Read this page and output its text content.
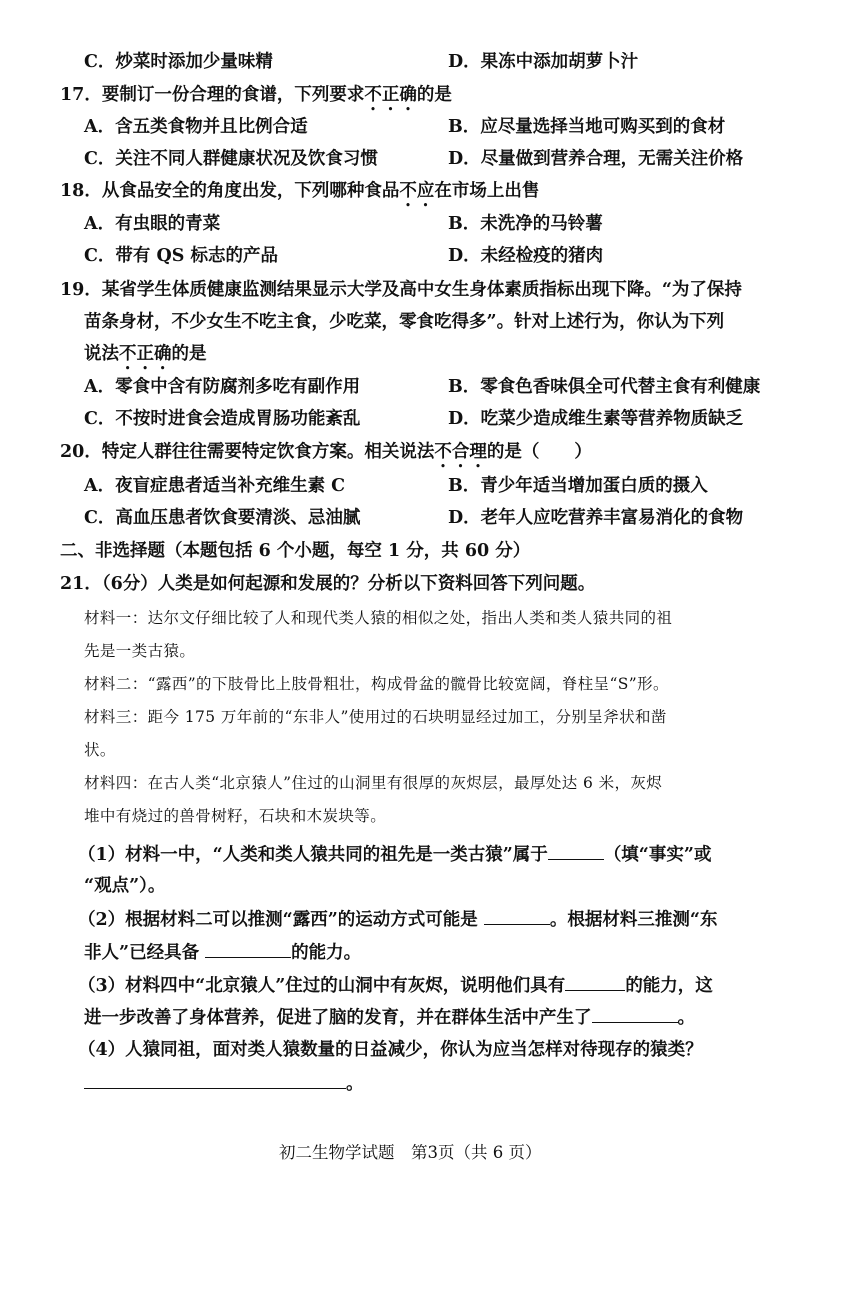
C．炒菜时添加少量味精	D．果冻中添加胡萝卜汁
17．要制订一份合理的食谱，下列要求不正确的是
A．含五类食物并且比例合适	B．应尽量选择当地可购买到的食材
C．关注不同人群健康状况及饮食习惯	D．尽量做到营养合理，无需关注价格
18．从食品安全的角度出发，下列哪种食品不应在市场上出售
A．有虫眼的青菜	B．未洗净的马铃薯
C．带有 QS 标志的产品	D．未经检疫的猪肉
19．某省学生体质健康监测结果显示大学及高中女生身体素质指标出现下降。“为了保持
苗条身材，不少女生不吃主食，少吃菜，零食吃得多”。针对上述行为，你认为下列
说法不正确的是
A．零食中含有防腐剂多吃有副作用	B．零食色香味俱全可代替主食有利健康
C．不按时进食会造成胃肠功能紊乱	D．吃菜少造成维生素等营养物质缺乏
20．特定人群往往需要特定饮食方案。相关说法不合理的是（　　）
A．夜盲症患者适当补充维生素 C	B．青少年适当增加蛋白质的摄入
C．高血压患者饮食要清淡、忌油腻	D．老年人应吃营养丰富易消化的食物
二、非选择题（本题包括 6 个小题，每空 1 分，共 60 分）
21．（6分）人类是如何起源和发展的？分析以下资料回答下列问题。
材料一：达尔文仔细比较了人和现代类人猿的相似之处，指出人类和类人猿共同的祖
先是一类古猿。
材料二：“露西”的下肢骨比上肢骨粗壮，构成骨盆的髋骨比较宽阔，脊柱呈“S”形。
材料三：距今 175 万年前的“东非人”使用过的石块明显经过加工，分别呈斧状和凿
状。
材料四：在古人类“北京猿人”住过的山洞里有很厚的灰烬层，最厚处达 6 米，灰烬
堆中有烧过的兽骨树籽，石块和木炭块等。
（1）材料一中，“人类和类人猿共同的祖先是一类古猿”属于	（填“事实”或
“观点”）。
（2）根据材料二可以推测“露西”的运动方式可能是	。根据材料三推测“东
非人”已经具备	的能力。
（3）材料四中“北京猿人”住过的山洞中有灰烬，说明他们具有	的能力，这
进一步改善了身体营养，促进了脑的发育，并在群体生活中产生了	。
（4）人猿同祖，面对类人猿数量的日益减少，你认为应当怎样对待现存的猿类？
。
初二生物学试题　第3页（共 6 页）
